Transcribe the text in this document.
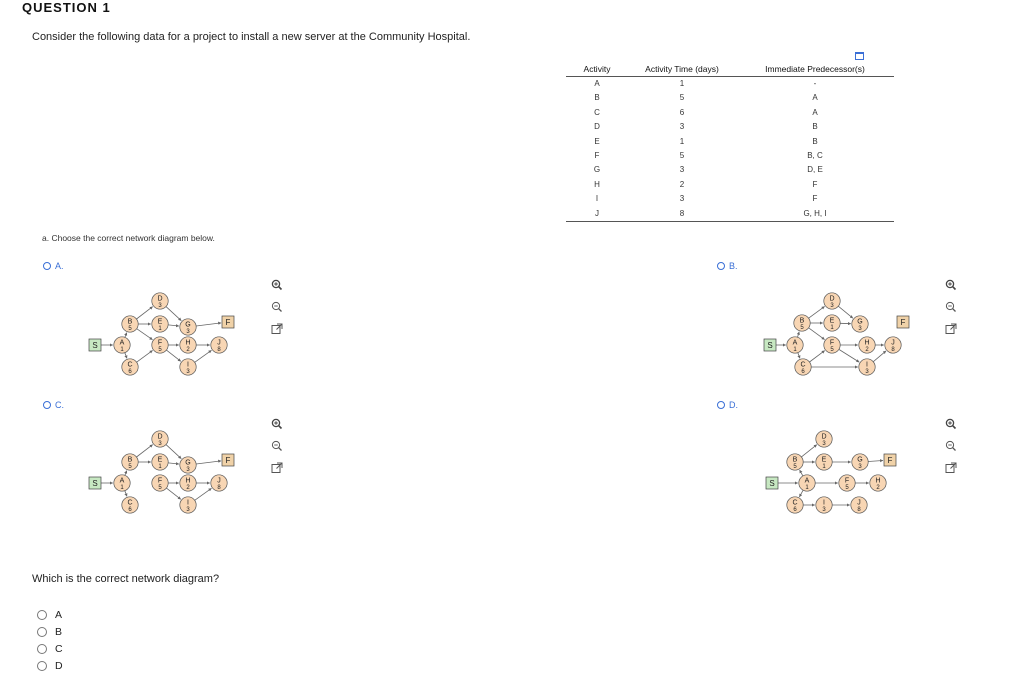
QUESTION 1
Consider the following data for a project to install a new server at the Community Hospital.
Activity	Activity Time (days)	Immediate Predecessor(s)
A	1	-
B	5	A
C	6	A
D	3	B
E	1	B
F	5	B, C
G	3	D, E
H	2	F
I	3	F
J	8	G, H, I
a. Choose the correct network diagram below.
A.
S	A
1
B
5
C
6
D
3
E
1
F
5
G
3
H
2
I
3
J
8
F
B.
S	A
1
B
5
C
6
D
3
E
1
F
5
G
3
H
2
I
3
J
8
F
C.
S	A
1
B
5
C
6
D
3
E
1
F
5
G
3
H
2
I
3
J
8
F
D.
S	A
1
B
5
C
6
D
3
E
1
F
5
G
3
H
2
I
3
J
8
F
Which is the correct network diagram?
A
B
C
D
